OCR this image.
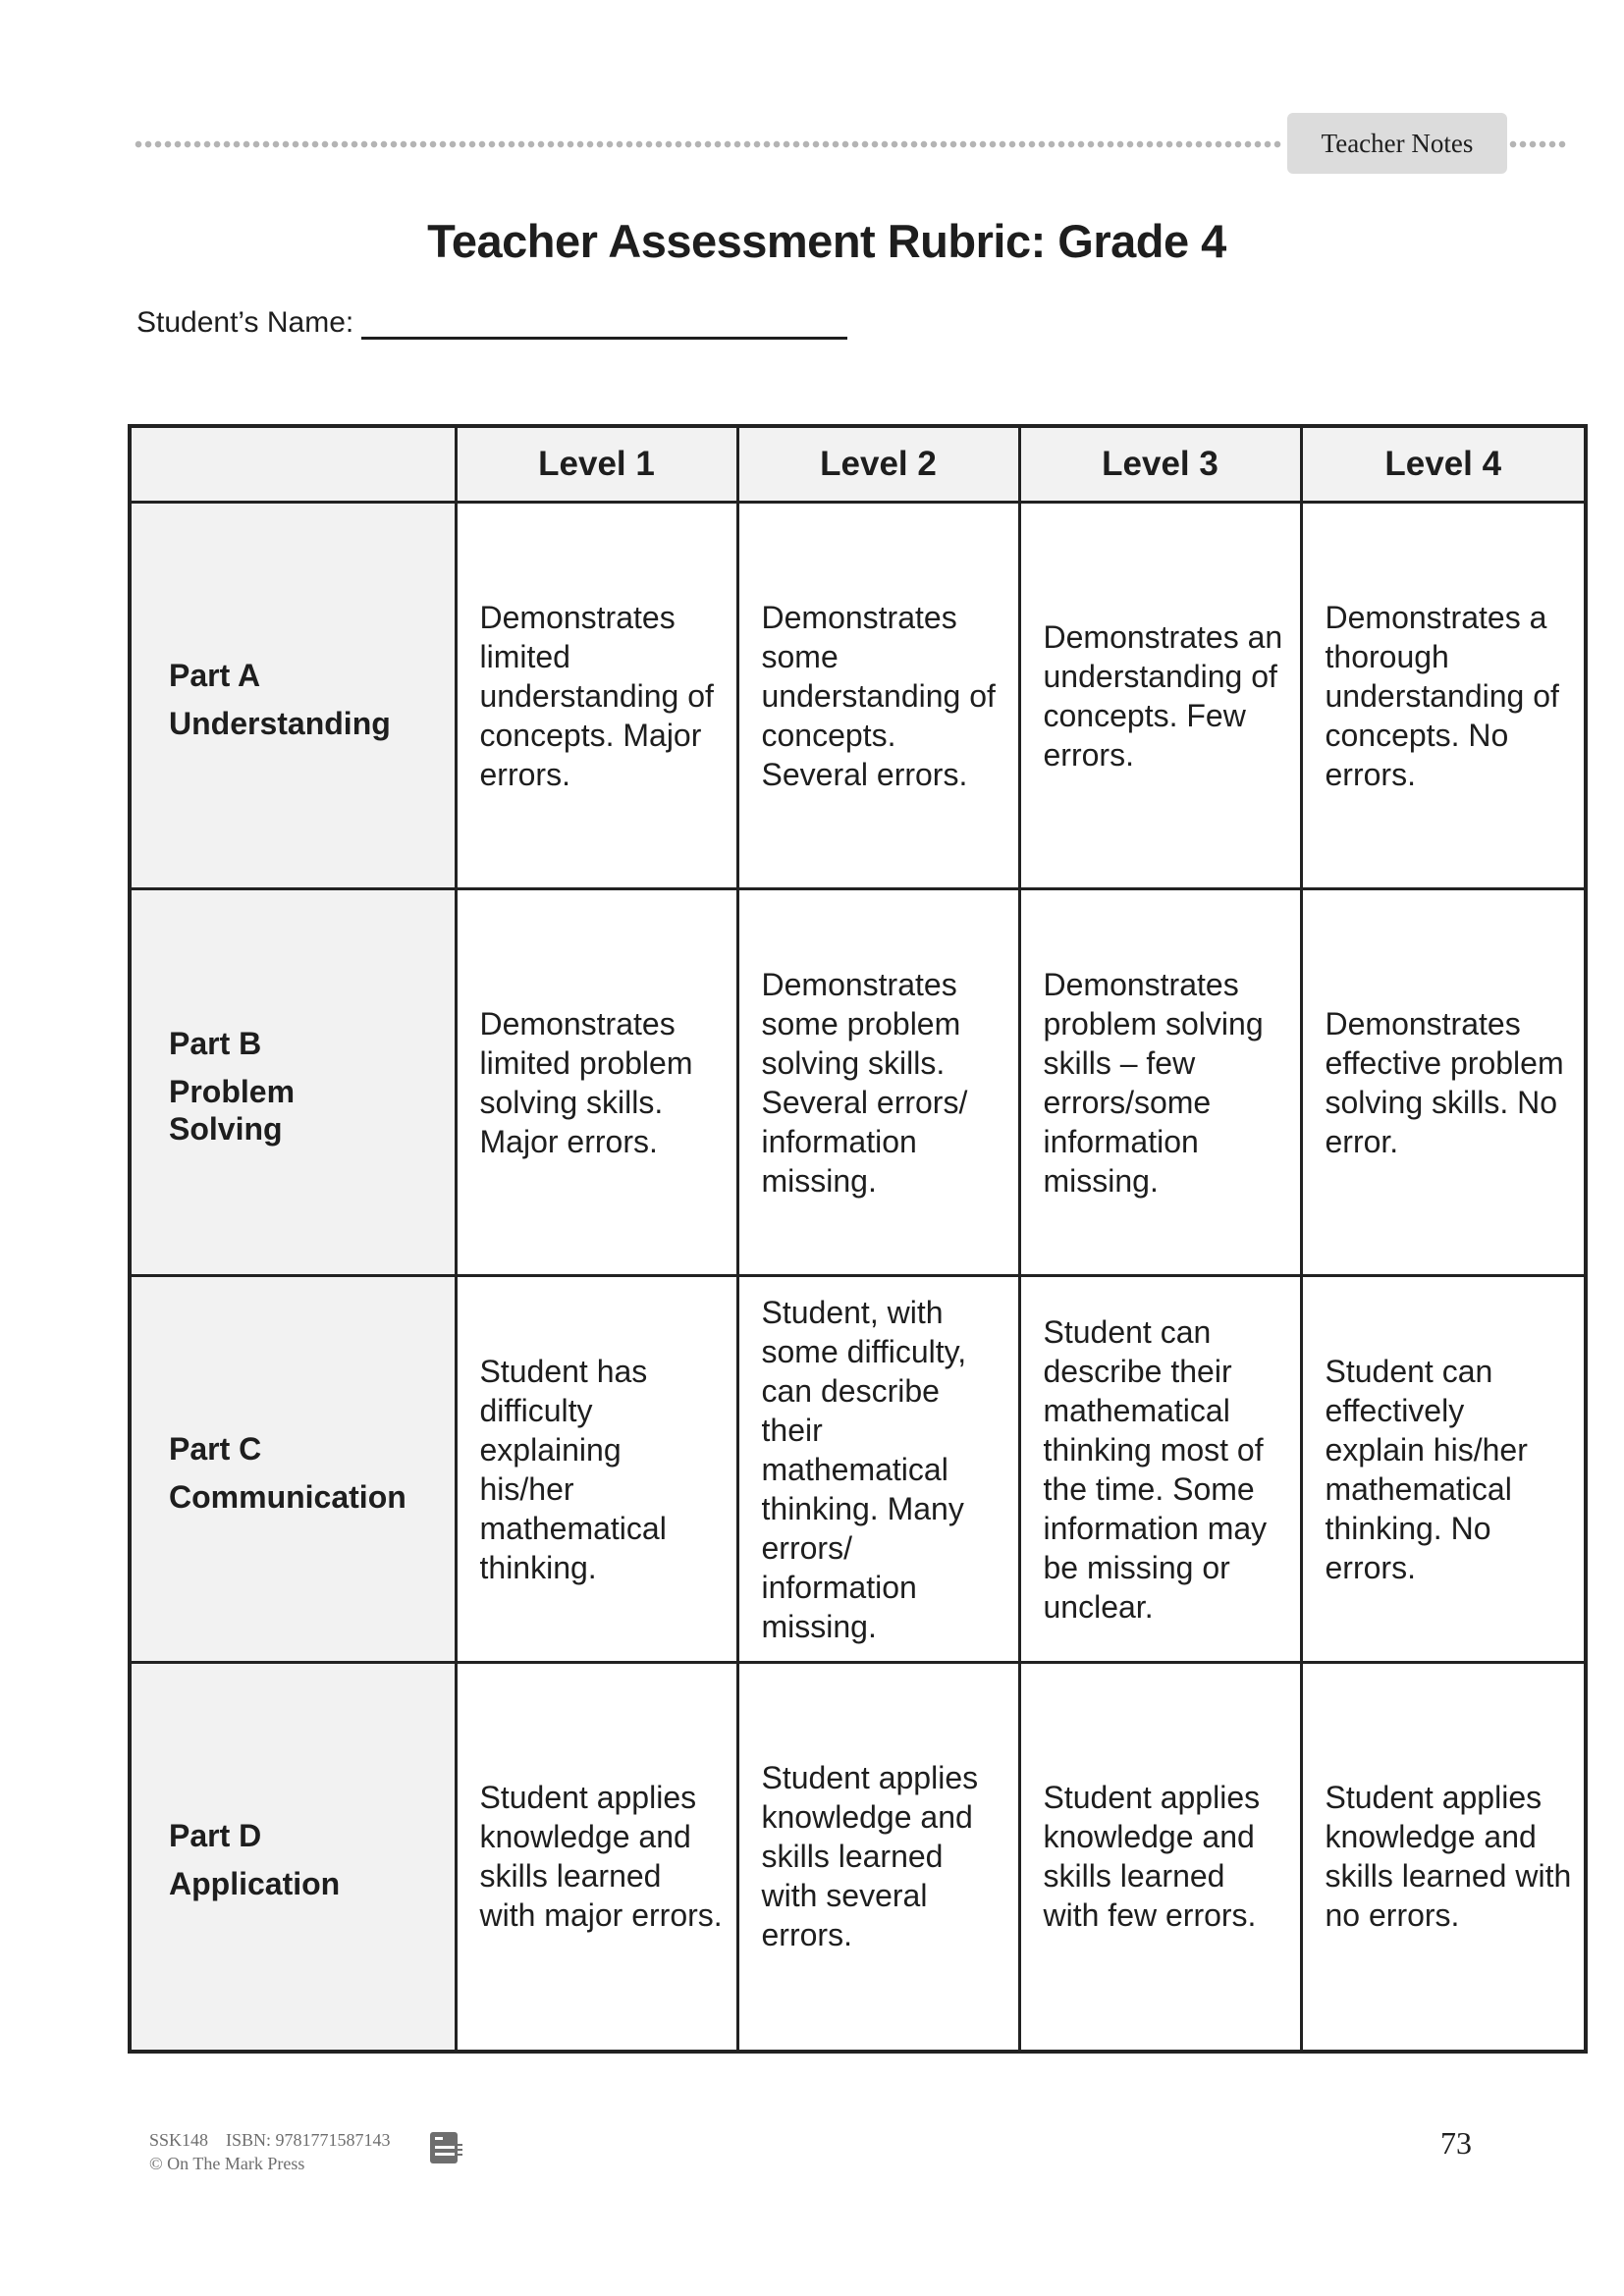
Teacher Notes
Teacher Assessment Rubric: Grade 4
Student’s Name:
	Level 1	Level 2	Level 3	Level 4

Part A
Understanding	Demonstrates limited understanding of concepts. Major errors.	Demonstrates some understanding of concepts. Several errors.	Demonstrates an understanding of concepts. Few errors.	Demonstrates a thorough understanding of concepts. No errors.

Part B
Problem Solving	Demonstrates limited problem solving skills. Major errors.	Demonstrates some problem solving skills. Several errors/ information missing.	Demonstrates problem solving skills – few errors/some information missing.	Demonstrates effective problem solving skills. No error.

Part C
Communication	Student has difficulty explaining his/her mathematical thinking.	Student, with some difficulty, can describe their mathematical thinking. Many errors/ information missing.	Student can describe their mathematical thinking most of the time. Some information may be missing or unclear.	Student can effectively explain his/her mathematical thinking. No errors.

Part D
Application	Student applies knowledge and skills learned with major errors.	Student applies knowledge and skills learned with several errors.	Student applies knowledge and skills learned with few errors.	Student applies knowledge and skills learned with no errors.
SSK148 ISBN: 9781771587143
© On The Mark Press
73
